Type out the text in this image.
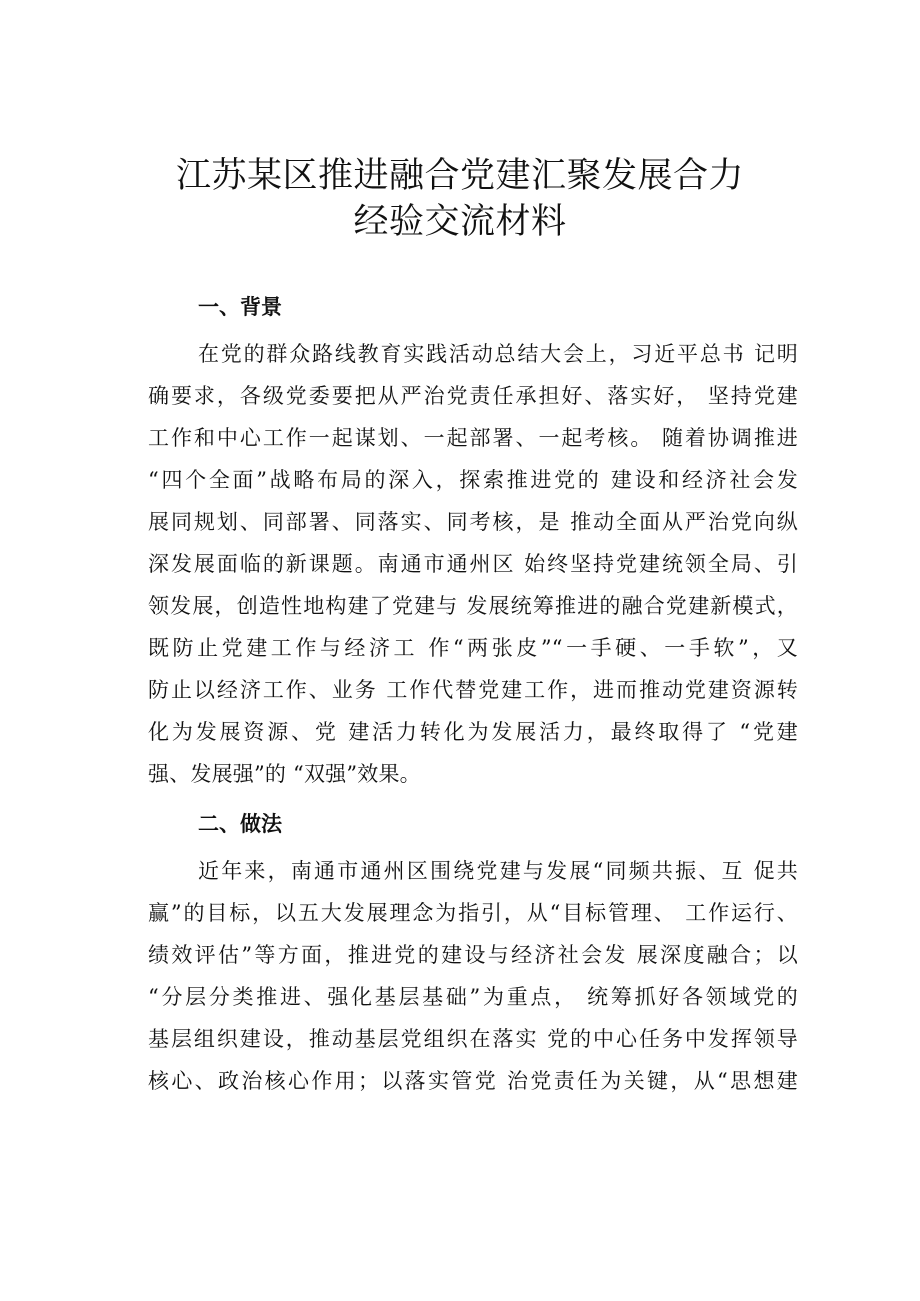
江苏某区推进融合党建汇聚发展合力
经验交流材料
一、背景
在党的群众路线教育实践活动总结大会上，习近平总书 记明
确要求，各级党委要把从严治党责任承担好、落实好， 坚持党建
工作和中心工作一起谋划、一起部署、一起考核。 随着协调推进
“四个全面”战略布局的深入，探索推进党的 建设和经济社会发
展同规划、同部署、同落实、同考核，是 推动全面从严治党向纵
深发展面临的新课题。南通市通州区 始终坚持党建统领全局、引
领发展，创造性地构建了党建与 发展统筹推进的融合党建新模式，
既防止党建工作与经济工 作“两张皮”“一手硬、一手软”，又
防止以经济工作、业务 工作代替党建工作，进而推动党建资源转
化为发展资源、党 建活力转化为发展活力，最终取得了 “党建
强、发展强”的 “双强”效果。
二、做法
近年来，南通市通州区围绕党建与发展“同频共振、互 促共
赢”的目标，以五大发展理念为指引，从“目标管理、 工作运行、
绩效评估”等方面，推进党的建设与经济社会发 展深度融合；以
“分层分类推进、强化基层基础”为重点， 统筹抓好各领域党的
基层组织建设，推动基层党组织在落实 党的中心任务中发挥领导
核心、政治核心作用；以落实管党 治党责任为关键，从“思想建
